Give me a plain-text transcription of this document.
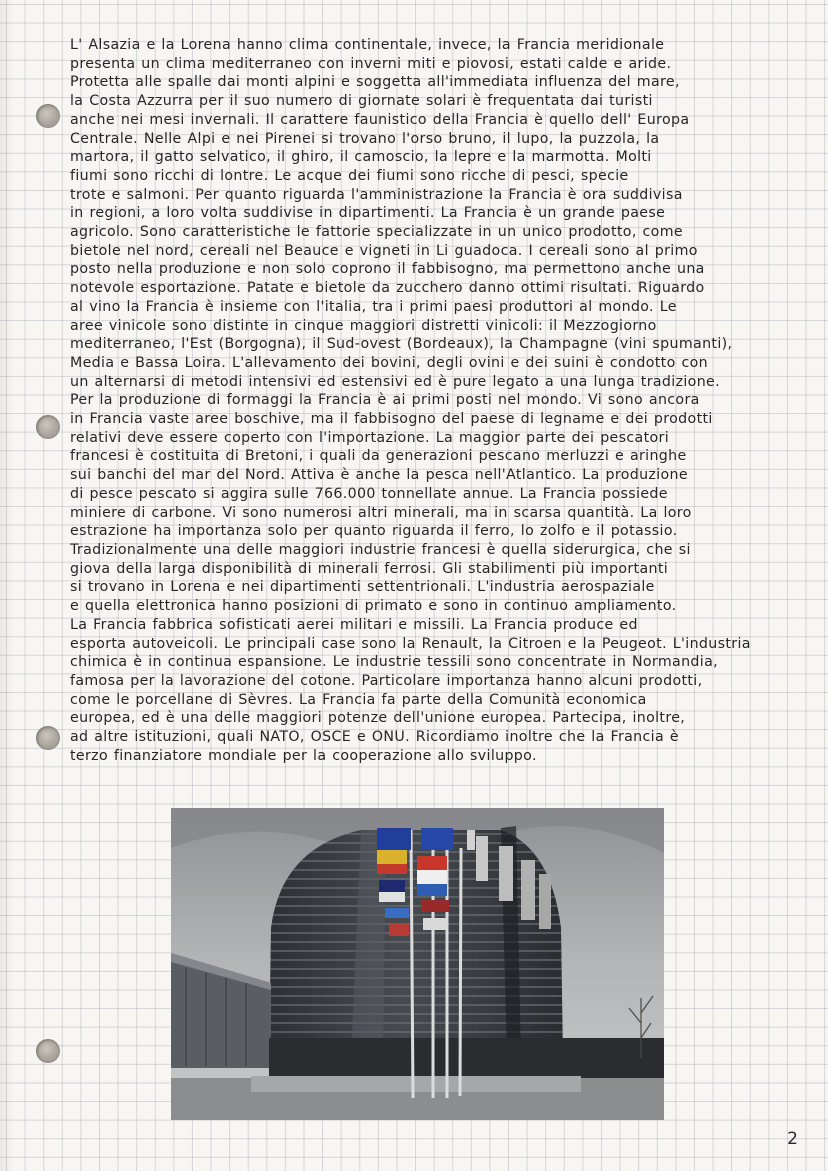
L' Alsazia e la Lorena hanno clima continentale, invece, la Francia meridionale
presenta un clima mediterraneo con inverni miti e piovosi, estati calde e aride.
Protetta alle spalle dai monti alpini e soggetta all'immediata influenza del mare,
la Costa Azzurra per il suo numero di giornate solari è frequentata dai turisti
anche nei mesi invernali. Il carattere faunistico della Francia è quello dell' Europa
Centrale. Nelle Alpi e nei Pirenei si trovano l'orso bruno, il lupo, la puzzola, la
martora, il gatto selvatico, il ghiro, il camoscio, la lepre e la marmotta. Molti
fiumi sono ricchi di lontre. Le acque dei fiumi sono ricche di pesci, specie
trote e salmoni. Per quanto riguarda l'amministrazione la Francia è ora suddivisa
in regioni, a loro volta suddivise in dipartimenti. La Francia è un grande paese
agricolo. Sono caratteristiche le fattorie specializzate in un unico prodotto, come
bietole nel nord, cereali nel Beauce e vigneti in Li guadoca. I cereali sono al primo
posto nella produzione e non solo coprono il fabbisogno, ma permettono anche una
notevole esportazione. Patate e bietole da zucchero danno ottimi risultati. Riguardo
al vino la Francia è insieme con l'italia, tra i primi paesi produttori al mondo. Le
aree vinicole sono distinte in cinque maggiori distretti vinicoli: il Mezzogiorno
mediterraneo, l'Est (Borgogna), il Sud-ovest (Bordeaux), la Champagne (vini spumanti),
Media e Bassa Loira. L'allevamento dei bovini, degli ovini e dei suini è condotto con
un alternarsi di metodi intensivi ed estensivi ed è pure legato a una lunga tradizione.
Per la produzione di formaggi la Francia è ai primi posti nel mondo. Vi sono ancora
in Francia vaste aree boschive, ma il fabbisogno del paese di legname e dei prodotti
relativi deve essere coperto con l'importazione. La maggior parte dei pescatori
francesi è costituita di Bretoni, i quali da generazioni pescano merluzzi e aringhe
sui banchi del mar del Nord. Attiva è anche la pesca nell'Atlantico. La produzione
di pesce pescato si aggira sulle 766.000 tonnellate annue. La Francia possiede
miniere di carbone. Vi sono numerosi altri minerali, ma in scarsa quantità. La loro
estrazione ha importanza solo per quanto riguarda il ferro, lo zolfo e il potassio.
Tradizionalmente una delle maggiori industrie francesi è quella siderurgica, che si
giova della larga disponibilità di minerali ferrosi. Gli stabilimenti più importanti
si trovano in Lorena e nei dipartimenti settentrionali. L'industria aerospaziale
e quella elettronica hanno posizioni di primato e sono in continuo ampliamento.
La Francia fabbrica sofisticati aerei militari e missili. La Francia produce ed
esporta autoveicoli. Le principali case sono la Renault, la Citroen e la Peugeot. L'industria
chimica è in continua espansione. Le industrie tessili sono concentrate in Normandia,
famosa per la lavorazione del cotone. Particolare importanza hanno alcuni prodotti,
come le porcellane di Sèvres. La Francia fa parte della Comunità economica
europea, ed è una delle maggiori potenze dell'unione europea. Partecipa, inoltre,
ad altre istituzioni, quali NATO, OSCE e ONU. Ricordiamo inoltre che la Francia è
terzo finanziatore mondiale per la cooperazione allo sviluppo.

2
